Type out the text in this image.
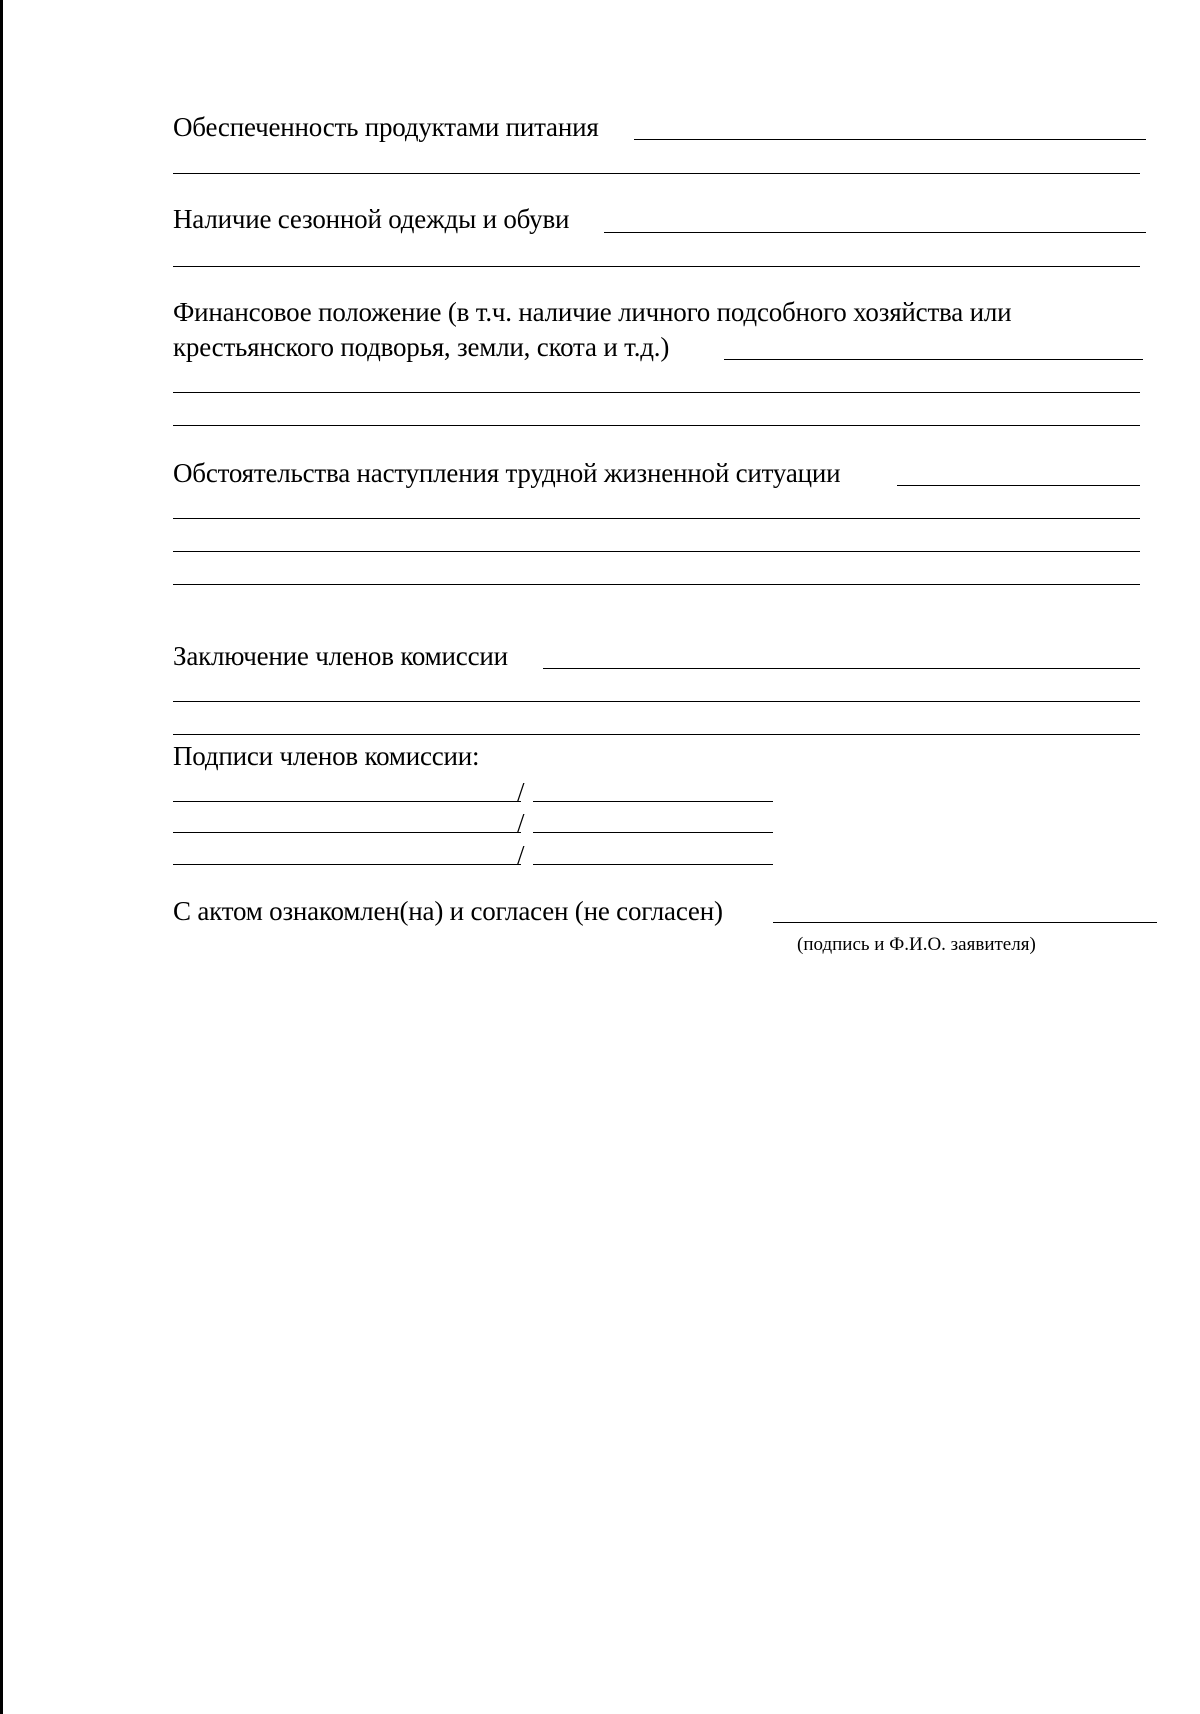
Обеспеченность продуктами питания
Наличие сезонной одежды и обуви
Финансовое положение (в т.ч. наличие личного подсобного хозяйства или
крестьянского подворья, земли, скота и т.д.)
Обстоятельства наступления трудной жизненной ситуации
Заключение членов комиссии
Подписи членов комиссии:
/
/
/
С актом ознакомлен(на) и согласен (не согласен)
(подпись и Ф.И.О. заявителя)
